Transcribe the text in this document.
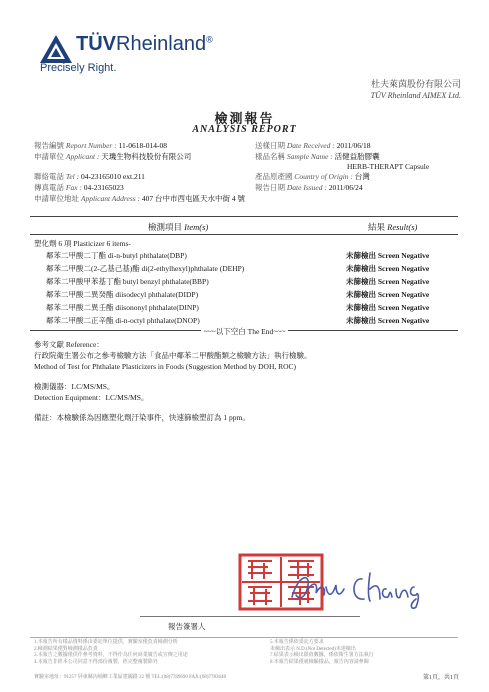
TÜVRheinland®
Precisely Right.
杜夫萊茵股份有限公司
TÜV Rheinland AIMEX Ltd.
檢測報告
ANALYSIS REPORT
報告編號 Report Number : 11-0618-014-08
申請單位 Applicant : 天璣生物科技股份有限公司
聯絡電話 Tel : 04-23165010 ext.211
傳真電話 Fax : 04-23165023
申請單位地址 Applicant Address : 407 台中市西屯區天水中街 4 號
送樣日期 Date Received : 2011/06/18
樣品名稱 Sample Name : 活健益胎膠囊
HERB-THERAPT Capsule
產品原產國 Country of Origin : 台灣
報告日期 Date Issued : 2011/06/24
檢測項目 Item(s)	結果 Result(s)
塑化劑 6 項 Plasticizer 6 items-
鄰苯二甲酸二丁酯 di-n-butyl phthalate(DBP)	未篩檢出 Screen Negative
鄰苯二甲酸二(2-乙基己基)酯 di(2-ethylhexyl)phthalate (DEHP)	未篩檢出 Screen Negative
鄰苯二甲酸甲苯基丁酯 butyl benzyl phthalate(BBP)	未篩檢出 Screen Negative
鄰苯二甲酸二異癸酯 diisodecyl phthalate(DIDP)	未篩檢出 Screen Negative
鄰苯二甲酸二異壬酯 diisononyl phthalate(DINP)	未篩檢出 Screen Negative
鄰苯二甲酸二正辛酯 di-n-octyl phthalate(DNOP)	未篩檢出 Screen Negative
~~~以下空白 The End~~~
參考文獻 Reference：
行政院衛生署公布之參考檢驗方法「食品中鄰苯二甲酸酯類之檢驗方法」執行檢驗。
Method of Test for Phthalate Plasticizers in Foods (Suggestion Method by DOH, ROC)
檢測儀器：LC/MS/MS。
Detection Equipment：LC/MS/MS。
備註：本檢驗係為因應塑化劑汙染事件，快速篩檢塑訂為 1 ppm。
報告簽署人
1.本報告所有樣品資料係由委託單位提供，實驗室僅負責檢測分析
2.檢測結果僅對檢測樣品負責
3.本報告之數據僅供作參考資料，不得作為任何商業廣告或宣傳之用途
4.本報告非經本公司同意不得部份複製，經完整複製除外
5.本報告係依委託方要求
未檢出表示 N.D.(Not Detected)未達檢出
7.結果表示檢出限值數據，係依衛生署方法執行
8.本報告結果僅就檢驗樣品，報告內容請參閱
實驗室地址：91257 屏東縣內埔鄉工業區建國路 22 號 TEL:(08)7789690 FAX:(08)7783648	第1頁，共1頁
